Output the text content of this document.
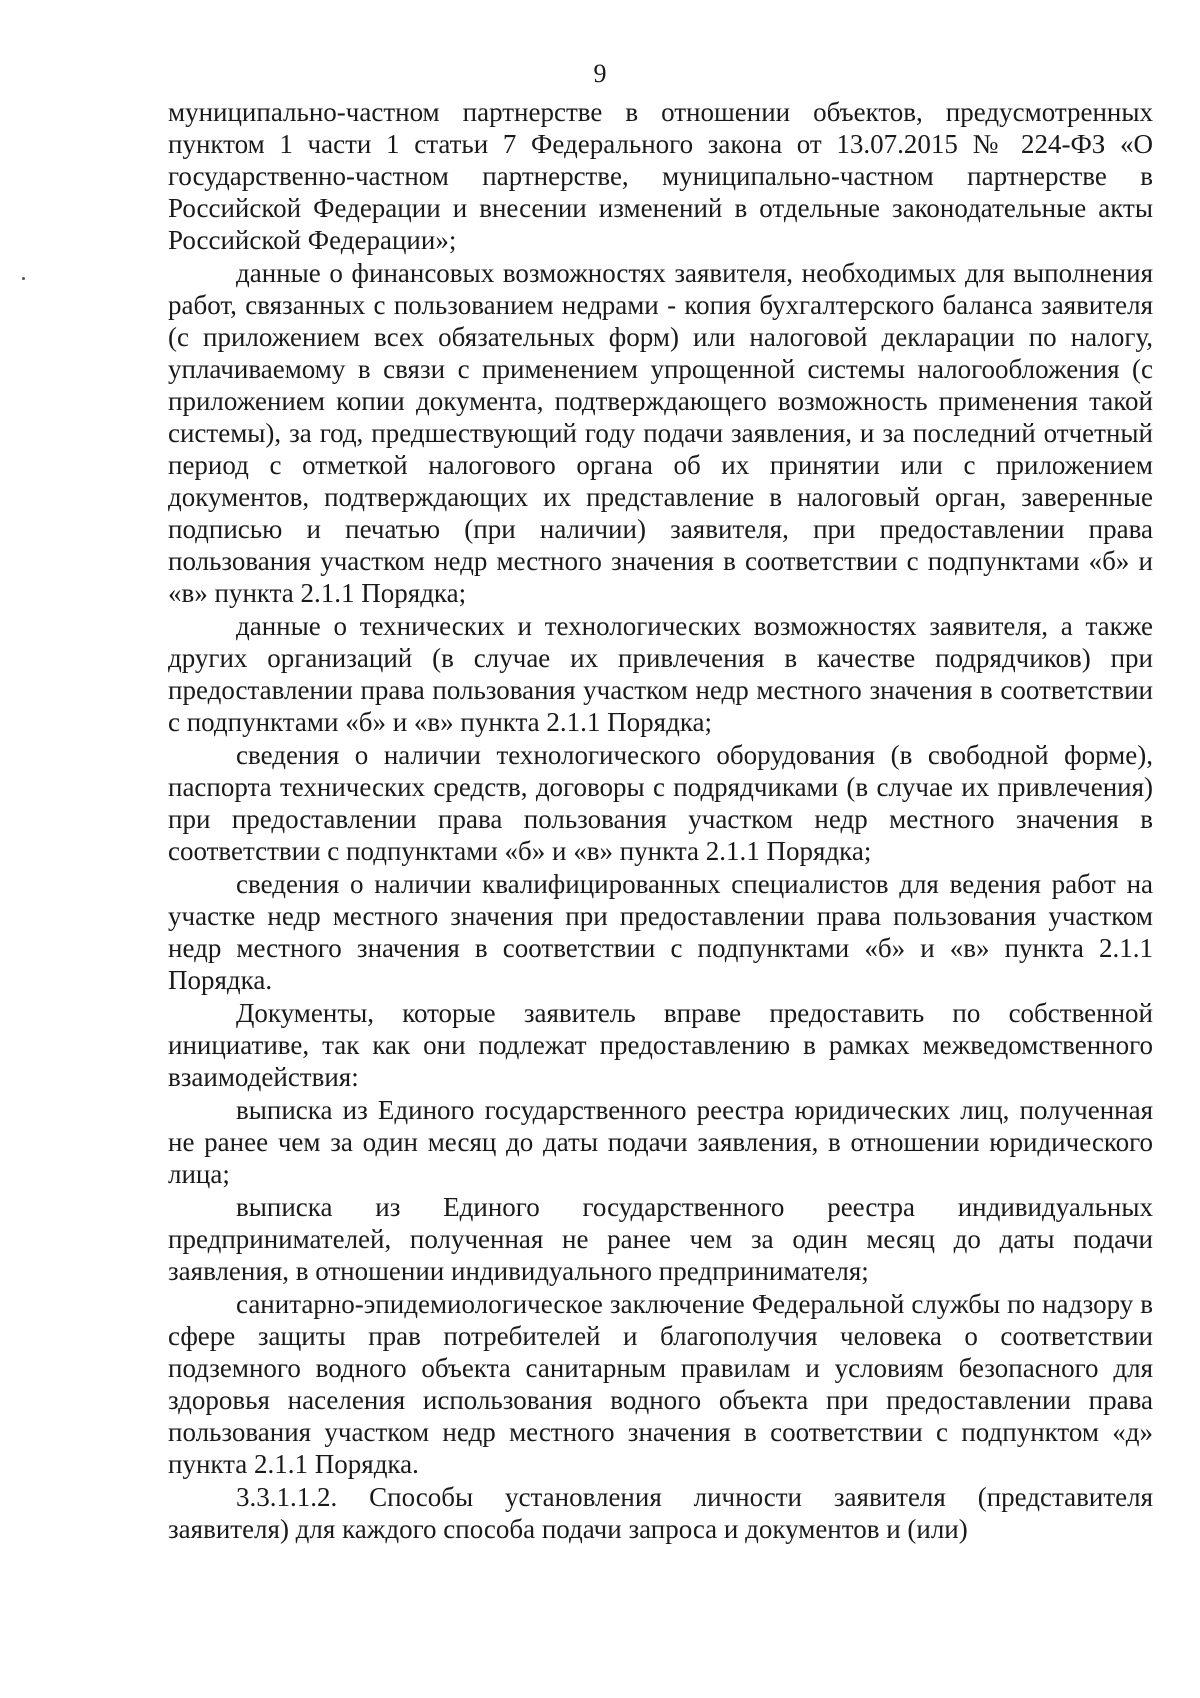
9

муниципально-частном партнерстве в отношении объектов, предусмотренных пунктом 1 части 1 статьи 7 Федерального закона от 13.07.2015 № 224-ФЗ «О государственно-частном партнерстве, муниципально-частном партнерстве в Российской Федерации и внесении изменений в отдельные законодательные акты Российской Федерации»;

данные о финансовых возможностях заявителя, необходимых для выполнения работ, связанных с пользованием недрами - копия бухгалтерского баланса заявителя (с приложением всех обязательных форм) или налоговой декларации по налогу, уплачиваемому в связи с применением упрощенной системы налогообложения (с приложением копии документа, подтверждающего возможность применения такой системы), за год, предшествующий году подачи заявления, и за последний отчетный период с отметкой налогового органа об их принятии или с приложением документов, подтверждающих их представление в налоговый орган, заверенные подписью и печатью (при наличии) заявителя, при предоставлении права пользования участком недр местного значения в соответствии с подпунктами «б» и «в» пункта 2.1.1 Порядка;

данные о технических и технологических возможностях заявителя, а также других организаций (в случае их привлечения в качестве подрядчиков) при предоставлении права пользования участком недр местного значения в соответствии с подпунктами «б» и «в» пункта 2.1.1 Порядка;

сведения о наличии технологического оборудования (в свободной форме), паспорта технических средств, договоры с подрядчиками (в случае их привлечения) при предоставлении права пользования участком недр местного значения в соответствии с подпунктами «б» и «в» пункта 2.1.1 Порядка;

сведения о наличии квалифицированных специалистов для ведения работ на участке недр местного значения при предоставлении права пользования участком недр местного значения в соответствии с подпунктами «б» и «в» пункта 2.1.1 Порядка.

Документы, которые заявитель вправе предоставить по собственной инициативе, так как они подлежат предоставлению в рамках межведомственного взаимодействия:

выписка из Единого государственного реестра юридических лиц, полученная не ранее чем за один месяц до даты подачи заявления, в отношении юридического лица;

выписка из Единого государственного реестра индивидуальных предпринимателей, полученная не ранее чем за один месяц до даты подачи заявления, в отношении индивидуального предпринимателя;

санитарно-эпидемиологическое заключение Федеральной службы по надзору в сфере защиты прав потребителей и благополучия человека о соответствии подземного водного объекта санитарным правилам и условиям безопасного для здоровья населения использования водного объекта при предоставлении права пользования участком недр местного значения в соответствии с подпунктом «д» пункта 2.1.1 Порядка.

3.3.1.1.2. Способы установления личности заявителя (представителя заявителя) для каждого способа подачи запроса и документов и (или)
